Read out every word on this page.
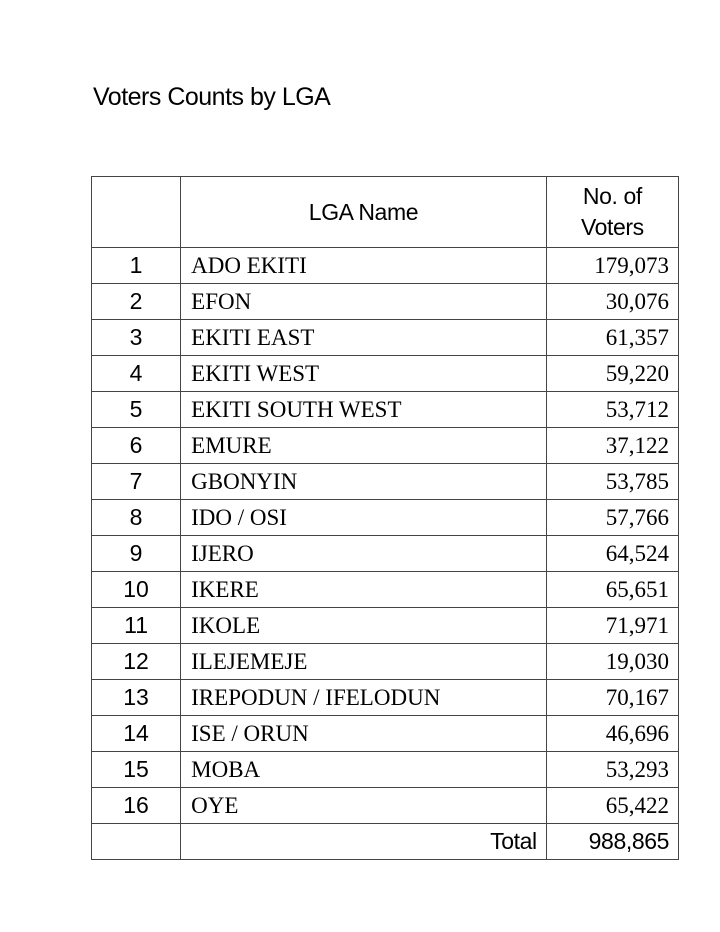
Voters Counts by LGA
	LGA Name	No. of
Voters

1	ADO EKITI	179,073
2	EFON	30,076
3	EKITI EAST	61,357
4	EKITI WEST	59,220
5	EKITI SOUTH WEST	53,712
6	EMURE	37,122
7	GBONYIN	53,785
8	IDO / OSI	57,766
9	IJERO	64,524
10	IKERE	65,651
11	IKOLE	71,971
12	ILEJEMEJE	19,030
13	IREPODUN / IFELODUN	70,167
14	ISE / ORUN	46,696
15	MOBA	53,293
16	OYE	65,422
	Total	988,865
